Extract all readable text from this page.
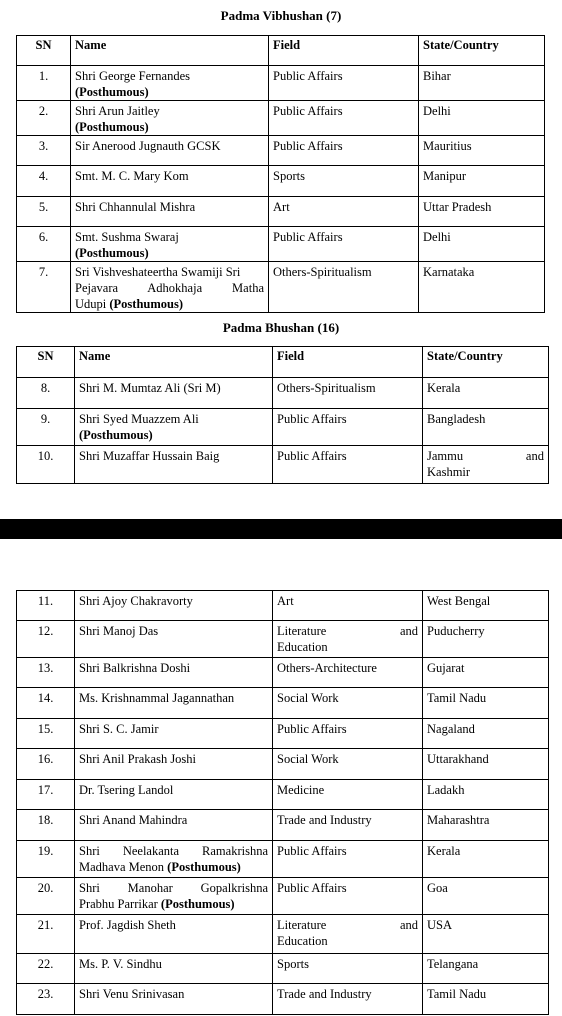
Padma Vibhushan (7)
SN	Name	Field	State/Country
1.	Shri George Fernandes
(Posthumous)	Public Affairs	Bihar
2.	Shri Arun Jaitley
(Posthumous)	Public Affairs	Delhi
3.	Sir Anerood Jugnauth GCSK	Public Affairs	Mauritius
4.	Smt. M. C. Mary Kom	Sports	Manipur
5.	Shri Chhannulal Mishra	Art	Uttar Pradesh
6.	Smt. Sushma Swaraj
(Posthumous)	Public Affairs	Delhi
7.	Sri Vishveshateertha Swamiji Sri
Pejavara Adhokhaja Matha
Udupi (Posthumous)	Others-Spiritualism	Karnataka
Padma Bhushan (16)
SN	Name	Field	State/Country
8.	Shri M. Mumtaz Ali (Sri M)	Others-Spiritualism	Kerala
9.	Shri Syed Muazzem Ali
(Posthumous)	Public Affairs	Bangladesh
10.	Shri Muzaffar Hussain Baig	Public Affairs	Jammu and
Kashmir
11.	Shri Ajoy Chakravorty	Art	West Bengal
12.	Shri Manoj Das	Literature and
Education	Puducherry
13.	Shri Balkrishna Doshi	Others-Architecture	Gujarat
14.	Ms. Krishnammal Jagannathan	Social Work	Tamil Nadu
15.	Shri S. C. Jamir	Public Affairs	Nagaland
16.	Shri Anil Prakash Joshi	Social Work	Uttarakhand
17.	Dr. Tsering Landol	Medicine	Ladakh
18.	Shri Anand Mahindra	Trade and Industry	Maharashtra
19.	Shri Neelakanta Ramakrishna
Madhava Menon (Posthumous)	Public Affairs	Kerala
20.	Shri Manohar Gopalkrishna
Prabhu Parrikar (Posthumous)	Public Affairs	Goa
21.	Prof. Jagdish Sheth	Literature and
Education	USA
22.	Ms. P. V. Sindhu	Sports	Telangana
23.	Shri Venu Srinivasan	Trade and Industry	Tamil Nadu
